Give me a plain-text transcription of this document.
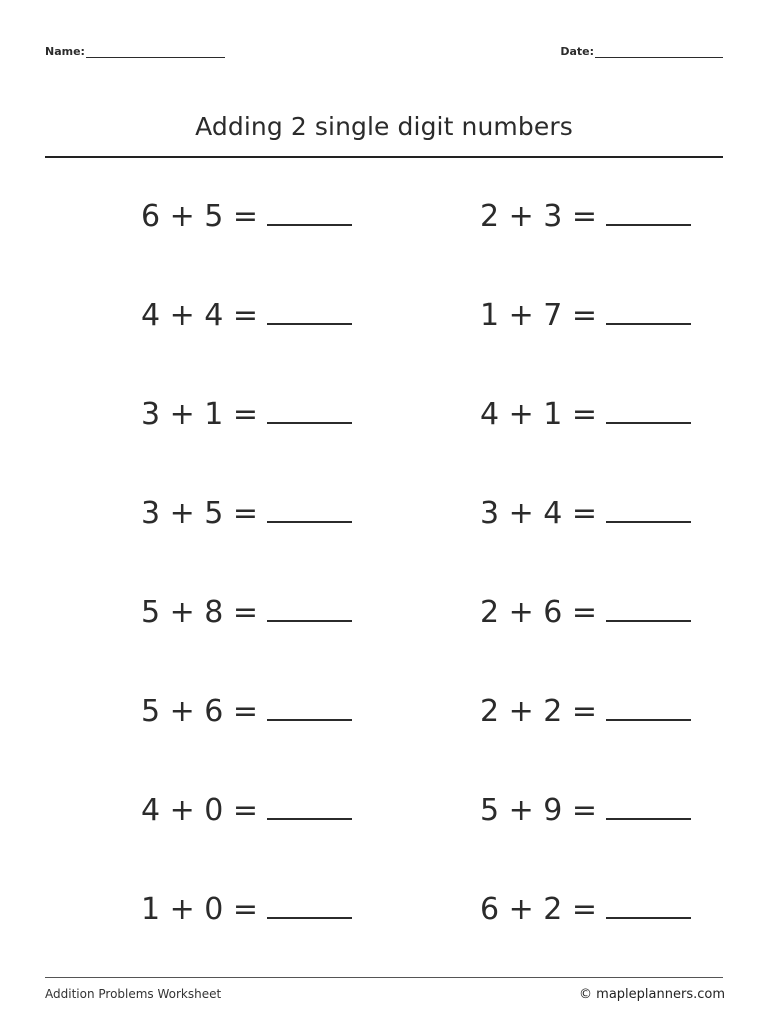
Name:	Date:
Adding 2 single digit numbers
6 + 5 =	2 + 3 =
4 + 4 =	1 + 7 =
3 + 1 =	4 + 1 =
3 + 5 =	3 + 4 =
5 + 8 =	2 + 6 =
5 + 6 =	2 + 2 =
4 + 0 =	5 + 9 =
1 + 0 =	6 + 2 =
Addition Problems Worksheet	© mapleplanners.com
